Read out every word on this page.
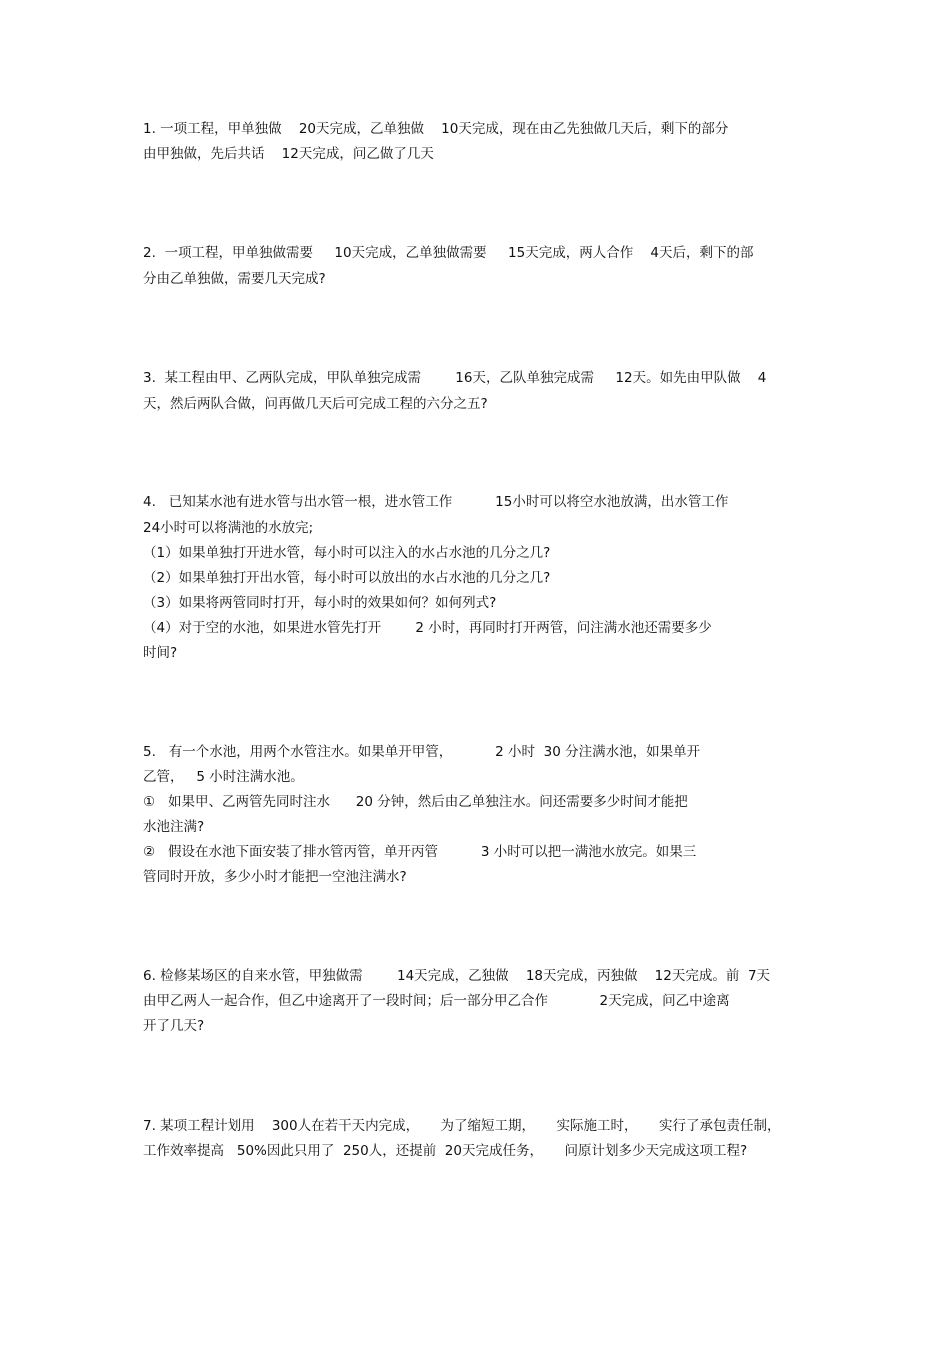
1. 一项工程，甲单独做    20天完成，乙单独做    10天完成，现在由乙先独做几天后，剩下的部分

由甲独做，先后共话    12天完成，问乙做了几天

2.  一项工程，甲单独做需要     10天完成，乙单独做需要     15天完成，两人合作    4天后，剩下的部

分由乙单独做，需要几天完成?

3.  某工程由甲、乙两队完成，甲队单独完成需        16天，乙队单独完成需     12天。如先由甲队做    4

天，然后两队合做，问再做几天后可完成工程的六分之五?

4.   已知某水池有进水管与出水管一根，进水管工作          15小时可以将空水池放满，出水管工作

24小时可以将满池的水放完;

（1）如果单独打开进水管，每小时可以注入的水占水池的几分之几?

（2）如果单独打开出水管，每小时可以放出的水占水池的几分之几?

（3）如果将两管同时打开，每小时的效果如何？如何列式?

（4）对于空的水池，如果进水管先打开        2 小时，再同时打开两管，问注满水池还需要多少

时间?

5.   有一个水池，用两个水管注水。如果单开甲管，          2 小时  30 分注满水池，如果单开

乙管，   5 小时注满水池。

①   如果甲、乙两管先同时注水      20 分钟，然后由乙单独注水。问还需要多少时间才能把

水池注满?

②   假设在水池下面安装了排水管丙管，单开丙管          3 小时可以把一满池水放完。如果三

管同时开放，多少小时才能把一空池注满水?

6. 检修某场区的自来水管，甲独做需        14天完成，乙独做    18天完成，丙独做    12天完成。前  7天

由甲乙两人一起合作，但乙中途离开了一段时间；后一部分甲乙合作            2天完成，问乙中途离

开了几天?

7. 某项工程计划用    300人在若干天内完成，     为了缩短工期，     实际施工时，     实行了承包责任制，

工作效率提高   50%因此只用了  250人，还提前  20天完成任务，     问原计划多少天完成这项工程?
